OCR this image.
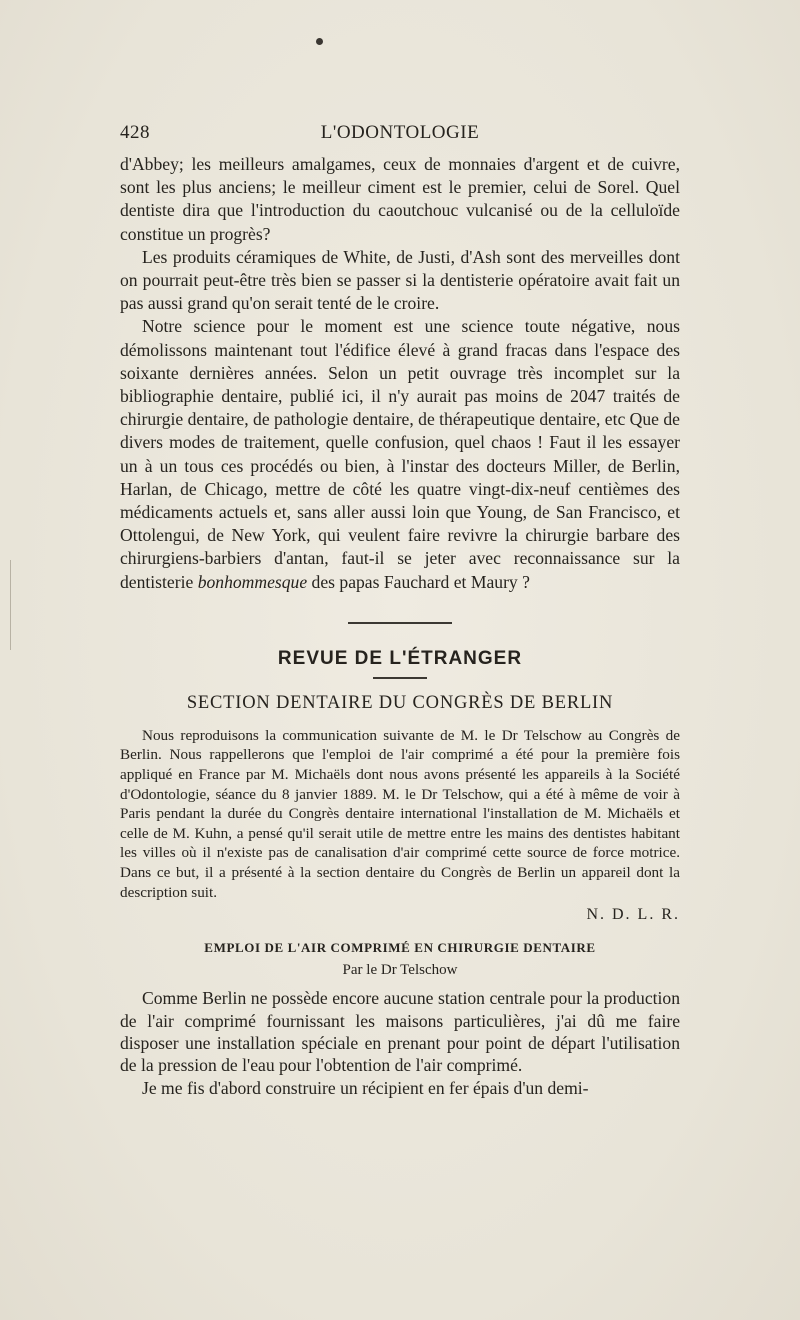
428	L'ODONTOLOGIE

d'Abbey; les meilleurs amalgames, ceux de monnaies d'argent et de cuivre, sont les plus anciens; le meilleur ciment est le premier, celui de Sorel. Quel dentiste dira que l'introduction du caoutchouc vulcanisé ou de la celluloïde constitue un progrès?

Les produits céramiques de White, de Justi, d'Ash sont des merveilles dont on pourrait peut-être très bien se passer si la dentisterie opératoire avait fait un pas aussi grand qu'on serait tenté de le croire.

Notre science pour le moment est une science toute négative, nous démolissons maintenant tout l'édifice élevé à grand fracas dans l'espace des soixante dernières années. Selon un petit ouvrage très incomplet sur la bibliographie dentaire, publié ici, il n'y aurait pas moins de 2047 traités de chirurgie dentaire, de pathologie dentaire, de thérapeutique dentaire, etc Que de divers modes de traitement, quelle confusion, quel chaos ! Faut il les essayer un à un tous ces procédés ou bien, à l'instar des docteurs Miller, de Berlin, Harlan, de Chicago, mettre de côté les quatre vingt-dix-neuf centièmes des médicaments actuels et, sans aller aussi loin que Young, de San Francisco, et Ottolengui, de New York, qui veulent faire revivre la chirurgie barbare des chirurgiens-barbiers d'antan, faut-il se jeter avec reconnaissance sur la dentisterie bonhommesque des papas Fauchard et Maury ?

REVUE DE L'ÉTRANGER
SECTION DENTAIRE DU CONGRÈS DE BERLIN

Nous reproduisons la communication suivante de M. le Dr Telschow au Congrès de Berlin. Nous rappellerons que l'emploi de l'air comprimé a été pour la première fois appliqué en France par M. Michaëls dont nous avons présenté les appareils à la Société d'Odontologie, séance du 8 janvier 1889. M. le Dr Telschow, qui a été à même de voir à Paris pendant la durée du Congrès dentaire international l'installation de M. Michaëls et celle de M. Kuhn, a pensé qu'il serait utile de mettre entre les mains des dentistes habitant les villes où il n'existe pas de canalisation d'air comprimé cette source de force motrice. Dans ce but, il a présenté à la section dentaire du Congrès de Berlin un appareil dont la description suit.

N. D. L. R.
EMPLOI DE L'AIR COMPRIMÉ EN CHIRURGIE DENTAIRE
Par le Dr Telschow

Comme Berlin ne possède encore aucune station centrale pour la production de l'air comprimé fournissant les maisons particulières, j'ai dû me faire disposer une installation spéciale en prenant pour point de départ l'utilisation de la pression de l'eau pour l'obtention de l'air comprimé.

Je me fis d'abord construire un récipient en fer épais d'un demi-
